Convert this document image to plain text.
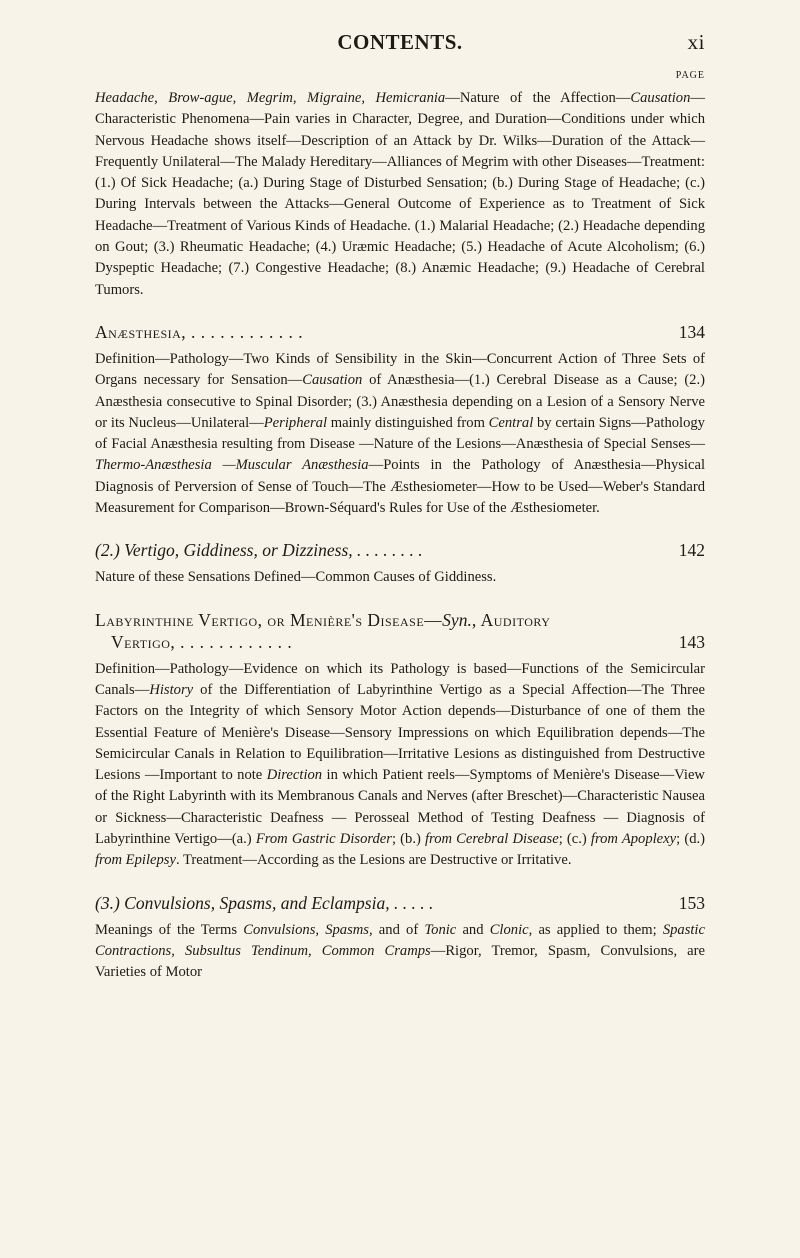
CONTENTS.	xi
PAGE

Headache, Brow-ague, Megrim, Migraine, Hemicrania—Nature of the Affection—Causation—Characteristic Phenomena—Pain varies in Character, Degree, and Duration—Conditions under which Nervous Headache shows itself—Description of an Attack by Dr. Wilks—Duration of the Attack—Frequently Unilateral—The Malady Hereditary—Alliances of Megrim with other Diseases—Treatment: (1.) Of Sick Headache; (a.) During Stage of Disturbed Sensation; (b.) During Stage of Headache; (c.) During Intervals between the Attacks—General Outcome of Experience as to Treatment of Sick Headache—Treatment of Various Kinds of Headache. (1.) Malarial Headache; (2.) Headache depending on Gout; (3.) Rheumatic Headache; (4.) Uræmic Headache; (5.) Headache of Acute Alcoholism; (6.) Dyspeptic Headache; (7.) Congestive Headache; (8.) Anæmic Headache; (9.) Headache of Cerebral Tumors.

Anæsthesia, . . . . . . . . . . . .	134

Definition—Pathology—Two Kinds of Sensibility in the Skin—Concurrent Action of Three Sets of Organs necessary for Sensation—Causation of Anæsthesia—(1.) Cerebral Disease as a Cause; (2.) Anæsthesia consecutive to Spinal Disorder; (3.) Anæsthesia depending on a Lesion of a Sensory Nerve or its Nucleus—Unilateral—Peripheral mainly distinguished from Central by certain Signs—Pathology of Facial Anæsthesia resulting from Disease —Nature of the Lesions—Anæsthesia of Special Senses—Thermo-Anæsthesia —Muscular Anæsthesia—Points in the Pathology of Anæsthesia—Physical Diagnosis of Perversion of Sense of Touch—The Æsthesiometer—How to be Used—Weber's Standard Measurement for Comparison—Brown-Séquard's Rules for Use of the Æsthesiometer.

(2.) Vertigo, Giddiness, or Dizziness, . . . . . . . .	142

Nature of these Sensations Defined—Common Causes of Giddiness.

Labyrinthine Vertigo, or Menière's Disease—Syn., Auditory
Vertigo, . . . . . . . . . . . .	143

Definition—Pathology—Evidence on which its Pathology is based—Functions of the Semicircular Canals—History of the Differentiation of Labyrinthine Vertigo as a Special Affection—The Three Factors on the Integrity of which Sensory Motor Action depends—Disturbance of one of them the Essential Feature of Menière's Disease—Sensory Impressions on which Equilibration depends—The Semicircular Canals in Relation to Equilibration—Irritative Lesions as distinguished from Destructive Lesions —Important to note Direction in which Patient reels—Symptoms of Menière's Disease—View of the Right Labyrinth with its Membranous Canals and Nerves (after Breschet)—Characteristic Nausea or Sickness—Characteristic Deafness — Perosseal Method of Testing Deafness — Diagnosis of Labyrinthine Vertigo—(a.) From Gastric Disorder; (b.) from Cerebral Disease; (c.) from Apoplexy; (d.) from Epilepsy. Treatment—According as the Lesions are Destructive or Irritative.

(3.) Convulsions, Spasms, and Eclampsia, . . . . .	153

Meanings of the Terms Convulsions, Spasms, and of Tonic and Clonic, as applied to them; Spastic Contractions, Subsultus Tendinum, Common Cramps—Rigor, Tremor, Spasm, Convulsions, are Varieties of Motor
